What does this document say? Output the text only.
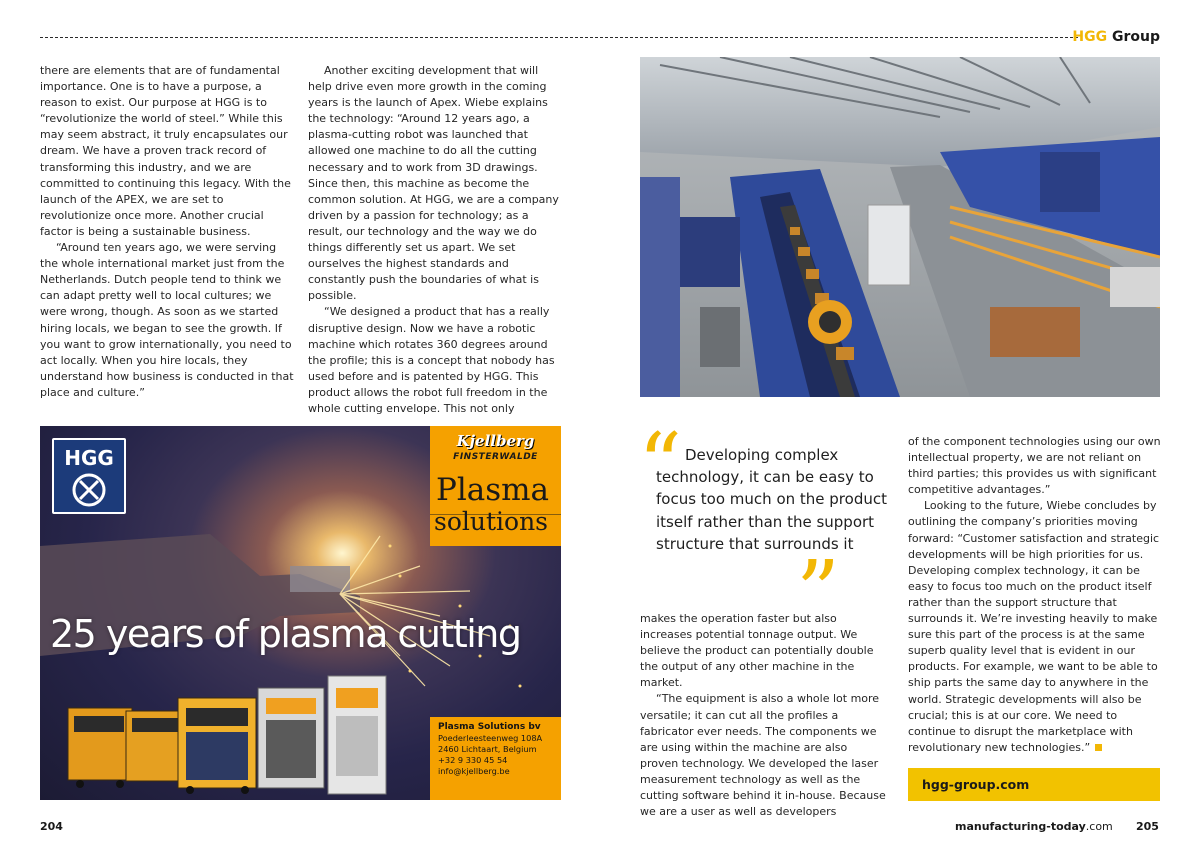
HGG Group

there are elements that are of fundamental importance. One is to have a purpose, a reason to exist. Our purpose at HGG is to “revolutionize the world of steel.” While this may seem abstract, it truly encapsulates our dream. We have a proven track record of transforming this industry, and we are committed to continuing this legacy. With the launch of the APEX, we are set to revolutionize once more. Another crucial factor is being a sustainable business.

“Around ten years ago, we were serving the whole international market just from the Netherlands. Dutch people tend to think we can adapt pretty well to local cultures; we were wrong, though. As soon as we started hiring locals, we began to see the growth. If you want to grow internationally, you need to act locally. When you hire locals, they understand how business is conducted in that place and culture.”

Another exciting development that will help drive even more growth in the coming years is the launch of Apex. Wiebe explains the technology: “Around 12 years ago, a plasma-cutting robot was launched that allowed one machine to do all the cutting necessary and to work from 3D drawings. Since then, this machine as become the common solution. At HGG, we are a company driven by a passion for technology; as a result, our technology and the way we do things differently set us apart. We set ourselves the highest standards and constantly push the boundaries of what is possible.

“We designed a product that has a really disruptive design. Now we have a robotic machine which rotates 360 degrees around the profile; this is a concept that nobody has used before and is patented by HGG. This product allows the robot full freedom in the whole cutting envelope. This not only

HGG
Kjellberg
FINSTERWALDE
Plasma
solutions
25 years of plasma cutting
Plasma Solutions bv
Poederleesteenweg 108A
2460 Lichtaart, Belgium
+32 9 330 45 54
info@kjellberg.be
“ Developing complex technology, it can be easy to focus too much on the product itself rather than the support structure that surrounds it

”

makes the operation faster but also increases potential tonnage output. We believe the product can potentially double the output of any other machine in the market.

“The equipment is also a whole lot more versatile; it can cut all the profiles a fabricator ever needs. The components we are using within the machine are also proven technology. We developed the laser measurement technology as well as the cutting software behind it in-house. Because we are a user as well as developers

of the component technologies using our own intellectual property, we are not reliant on third parties; this provides us with significant competitive advantages.”

Looking to the future, Wiebe concludes by outlining the company’s priorities moving forward: “Customer satisfaction and strategic developments will be high priorities for us. Developing complex technology, it can be easy to focus too much on the product itself rather than the support structure that surrounds it. We’re investing heavily to make sure this part of the process is at the same superb quality level that is evident in our products. For example, we want to be able to ship parts the same day to anywhere in the world. Strategic developments will also be crucial; this is at our core. We need to continue to disrupt the marketplace with revolutionary new technologies.”

hgg-group.com
204	manufacturing-today.com 205
